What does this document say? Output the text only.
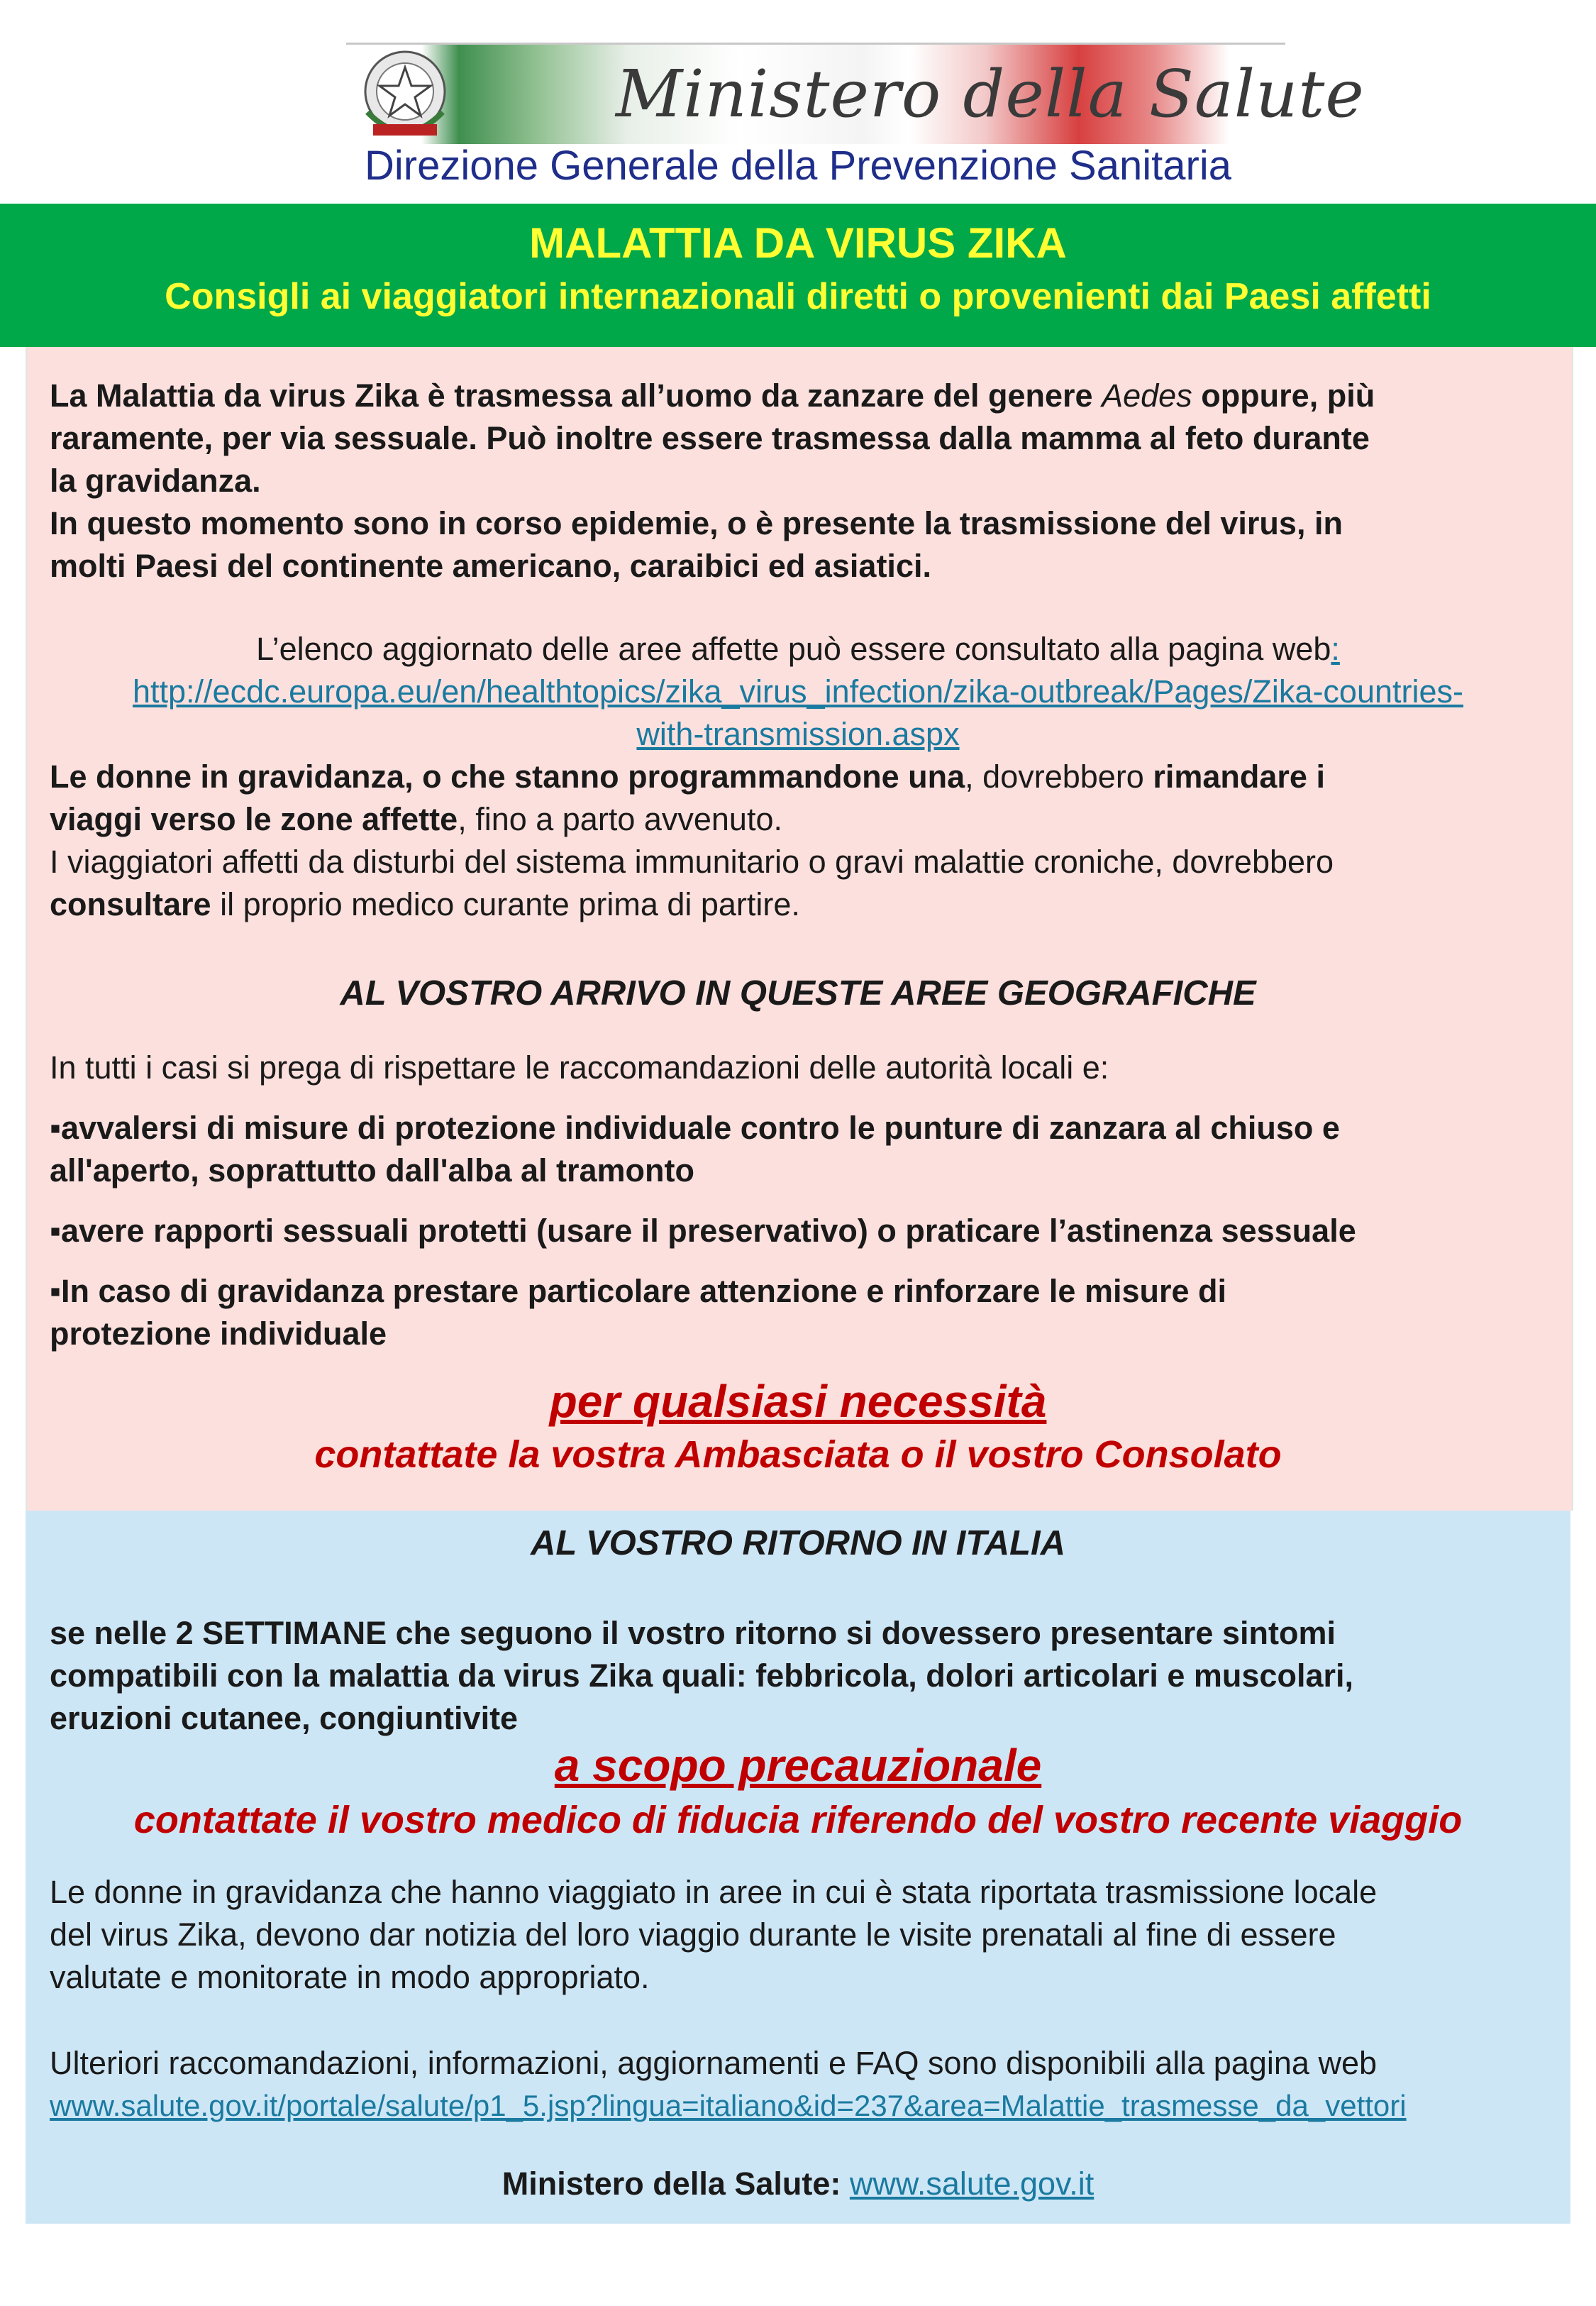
Ministero della Salute
Direzione Generale della Prevenzione Sanitaria
MALATTIA DA VIRUS ZIKA
Consigli ai viaggiatori internazionali diretti o provenienti dai Paesi affetti
La Malattia da virus Zika è trasmessa all’uomo da zanzare del genere Aedes oppure, più
raramente, per via sessuale. Può inoltre essere trasmessa dalla mamma al feto durante
la gravidanza.
In questo momento sono in corso epidemie, o è presente la trasmissione del virus, in
molti Paesi del continente americano, caraibici ed asiatici.
L’elenco aggiornato delle aree affette può essere consultato alla pagina web:
http://ecdc.europa.eu/en/healthtopics/zika_virus_infection/zika-outbreak/Pages/Zika-countries-
with-transmission.aspx
Le donne in gravidanza, o che stanno programmandone una, dovrebbero rimandare i
viaggi verso le zone affette, fino a parto avvenuto.
I viaggiatori affetti da disturbi del sistema immunitario o gravi malattie croniche, dovrebbero
consultare il proprio medico curante prima di partire.
AL VOSTRO ARRIVO IN QUESTE AREE GEOGRAFICHE
In tutti i casi si prega di rispettare le raccomandazioni delle autorità locali e:
▪avvalersi di misure di protezione individuale contro le punture di zanzara al chiuso e
all'aperto, soprattutto dall'alba al tramonto
▪avere rapporti sessuali protetti (usare il preservativo) o praticare l’astinenza sessuale
▪In caso di gravidanza prestare particolare attenzione e rinforzare le misure di
protezione individuale
per qualsiasi necessità
contattate la vostra Ambasciata o il vostro Consolato
AL VOSTRO RITORNO IN ITALIA
se nelle 2 SETTIMANE che seguono il vostro ritorno si dovessero presentare sintomi
compatibili con la malattia da virus Zika quali: febbricola, dolori articolari e muscolari,
eruzioni cutanee, congiuntivite
a scopo precauzionale
contattate il vostro medico di fiducia riferendo del vostro recente viaggio
Le donne in gravidanza che hanno viaggiato in aree in cui è stata riportata trasmissione locale
del virus Zika, devono dar notizia del loro viaggio durante le visite prenatali al fine di essere
valutate e monitorate in modo appropriato.
Ulteriori raccomandazioni, informazioni, aggiornamenti e FAQ sono disponibili alla pagina web
www.salute.gov.it/portale/salute/p1_5.jsp?lingua=italiano&id=237&area=Malattie_trasmesse_da_vettori
Ministero della Salute: www.salute.gov.it
